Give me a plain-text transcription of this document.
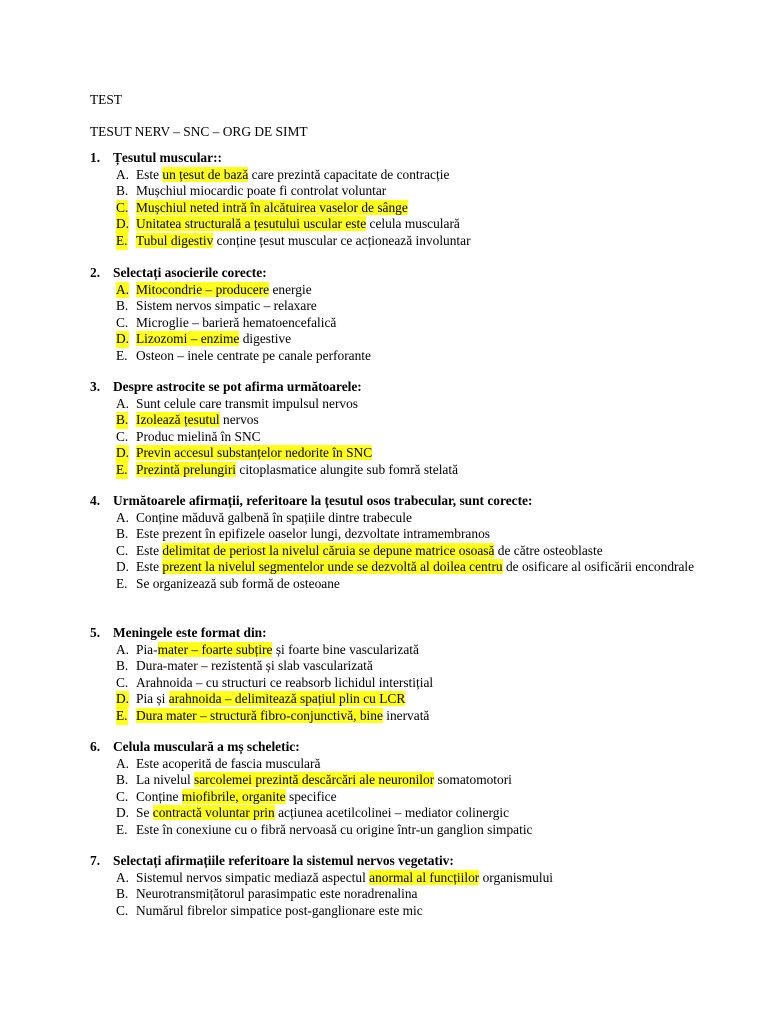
TEST
TESUT NERV – SNC – ORG DE SIMT
1. Țesutul muscular::
A. Este un țesut de bază care prezintă capacitate de contracție
B. Mușchiul miocardic poate fi controlat voluntar
C. Mușchiul neted intră în alcătuirea vaselor de sânge
D. Unitatea structurală a țesutului uscular este celula musculară
E. Tubul digestiv conține țesut muscular ce acționează involuntar
2. Selectați asocierile corecte:
A. Mitocondrie – producere energie
B. Sistem nervos simpatic – relaxare
C. Microglie – barieră hematoencefalică
D. Lizozomi – enzime digestive
E. Osteon – inele centrate pe canale perforante
3. Despre astrocite se pot afirma următoarele:
A. Sunt celule care transmit impulsul nervos
B. Izolează țesutul nervos
C. Produc mielină în SNC
D. Previn accesul substanțelor nedorite în SNC
E. Prezintă prelungiri citoplasmatice alungite sub fomră stelată
4. Următoarele afirmații, referitoare la țesutul osos trabecular, sunt corecte:
A. Conține măduvă galbenă în spațiile dintre trabecule
B. Este prezent în epifizele oaselor lungi, dezvoltate intramembranos
C. Este delimitat de periost la nivelul căruia se depune matrice osoasă de către osteoblaste
D. Este prezent la nivelul segmentelor unde se dezvoltă al doilea centru de osificare al osificării encondrale
E. Se organizează sub formă de osteoane
5. Meningele este format din:
A. Pia-mater – foarte subțire și foarte bine vascularizată
B. Dura-mater – rezistentă și slab vascularizată
C. Arahnoida – cu structuri ce reabsorb lichidul interstițial
D. Pia și arahnoida – delimitează spațiul plin cu LCR
E. Dura mater – structură fibro-conjunctivă, bine inervată
6. Celula musculară a mș scheletic:
A. Este acoperită de fascia musculară
B. La nivelul sarcolemei prezintă descărcări ale neuronilor somatomotori
C. Conține miofibrile, organite specifice
D. Se contractă voluntar prin acțiunea acetilcolinei – mediator colinergic
E. Este în conexiune cu o fibră nervoasă cu origine într-un ganglion simpatic
7. Selectați afirmațiile referitoare la sistemul nervos vegetativ:
A. Sistemul nervos simpatic mediază aspectul anormal al funcțiilor organismului
B. Neurotransmițătorul parasimpatic este noradrenalina
C. Numărul fibrelor simpatice post-ganglionare este mic
